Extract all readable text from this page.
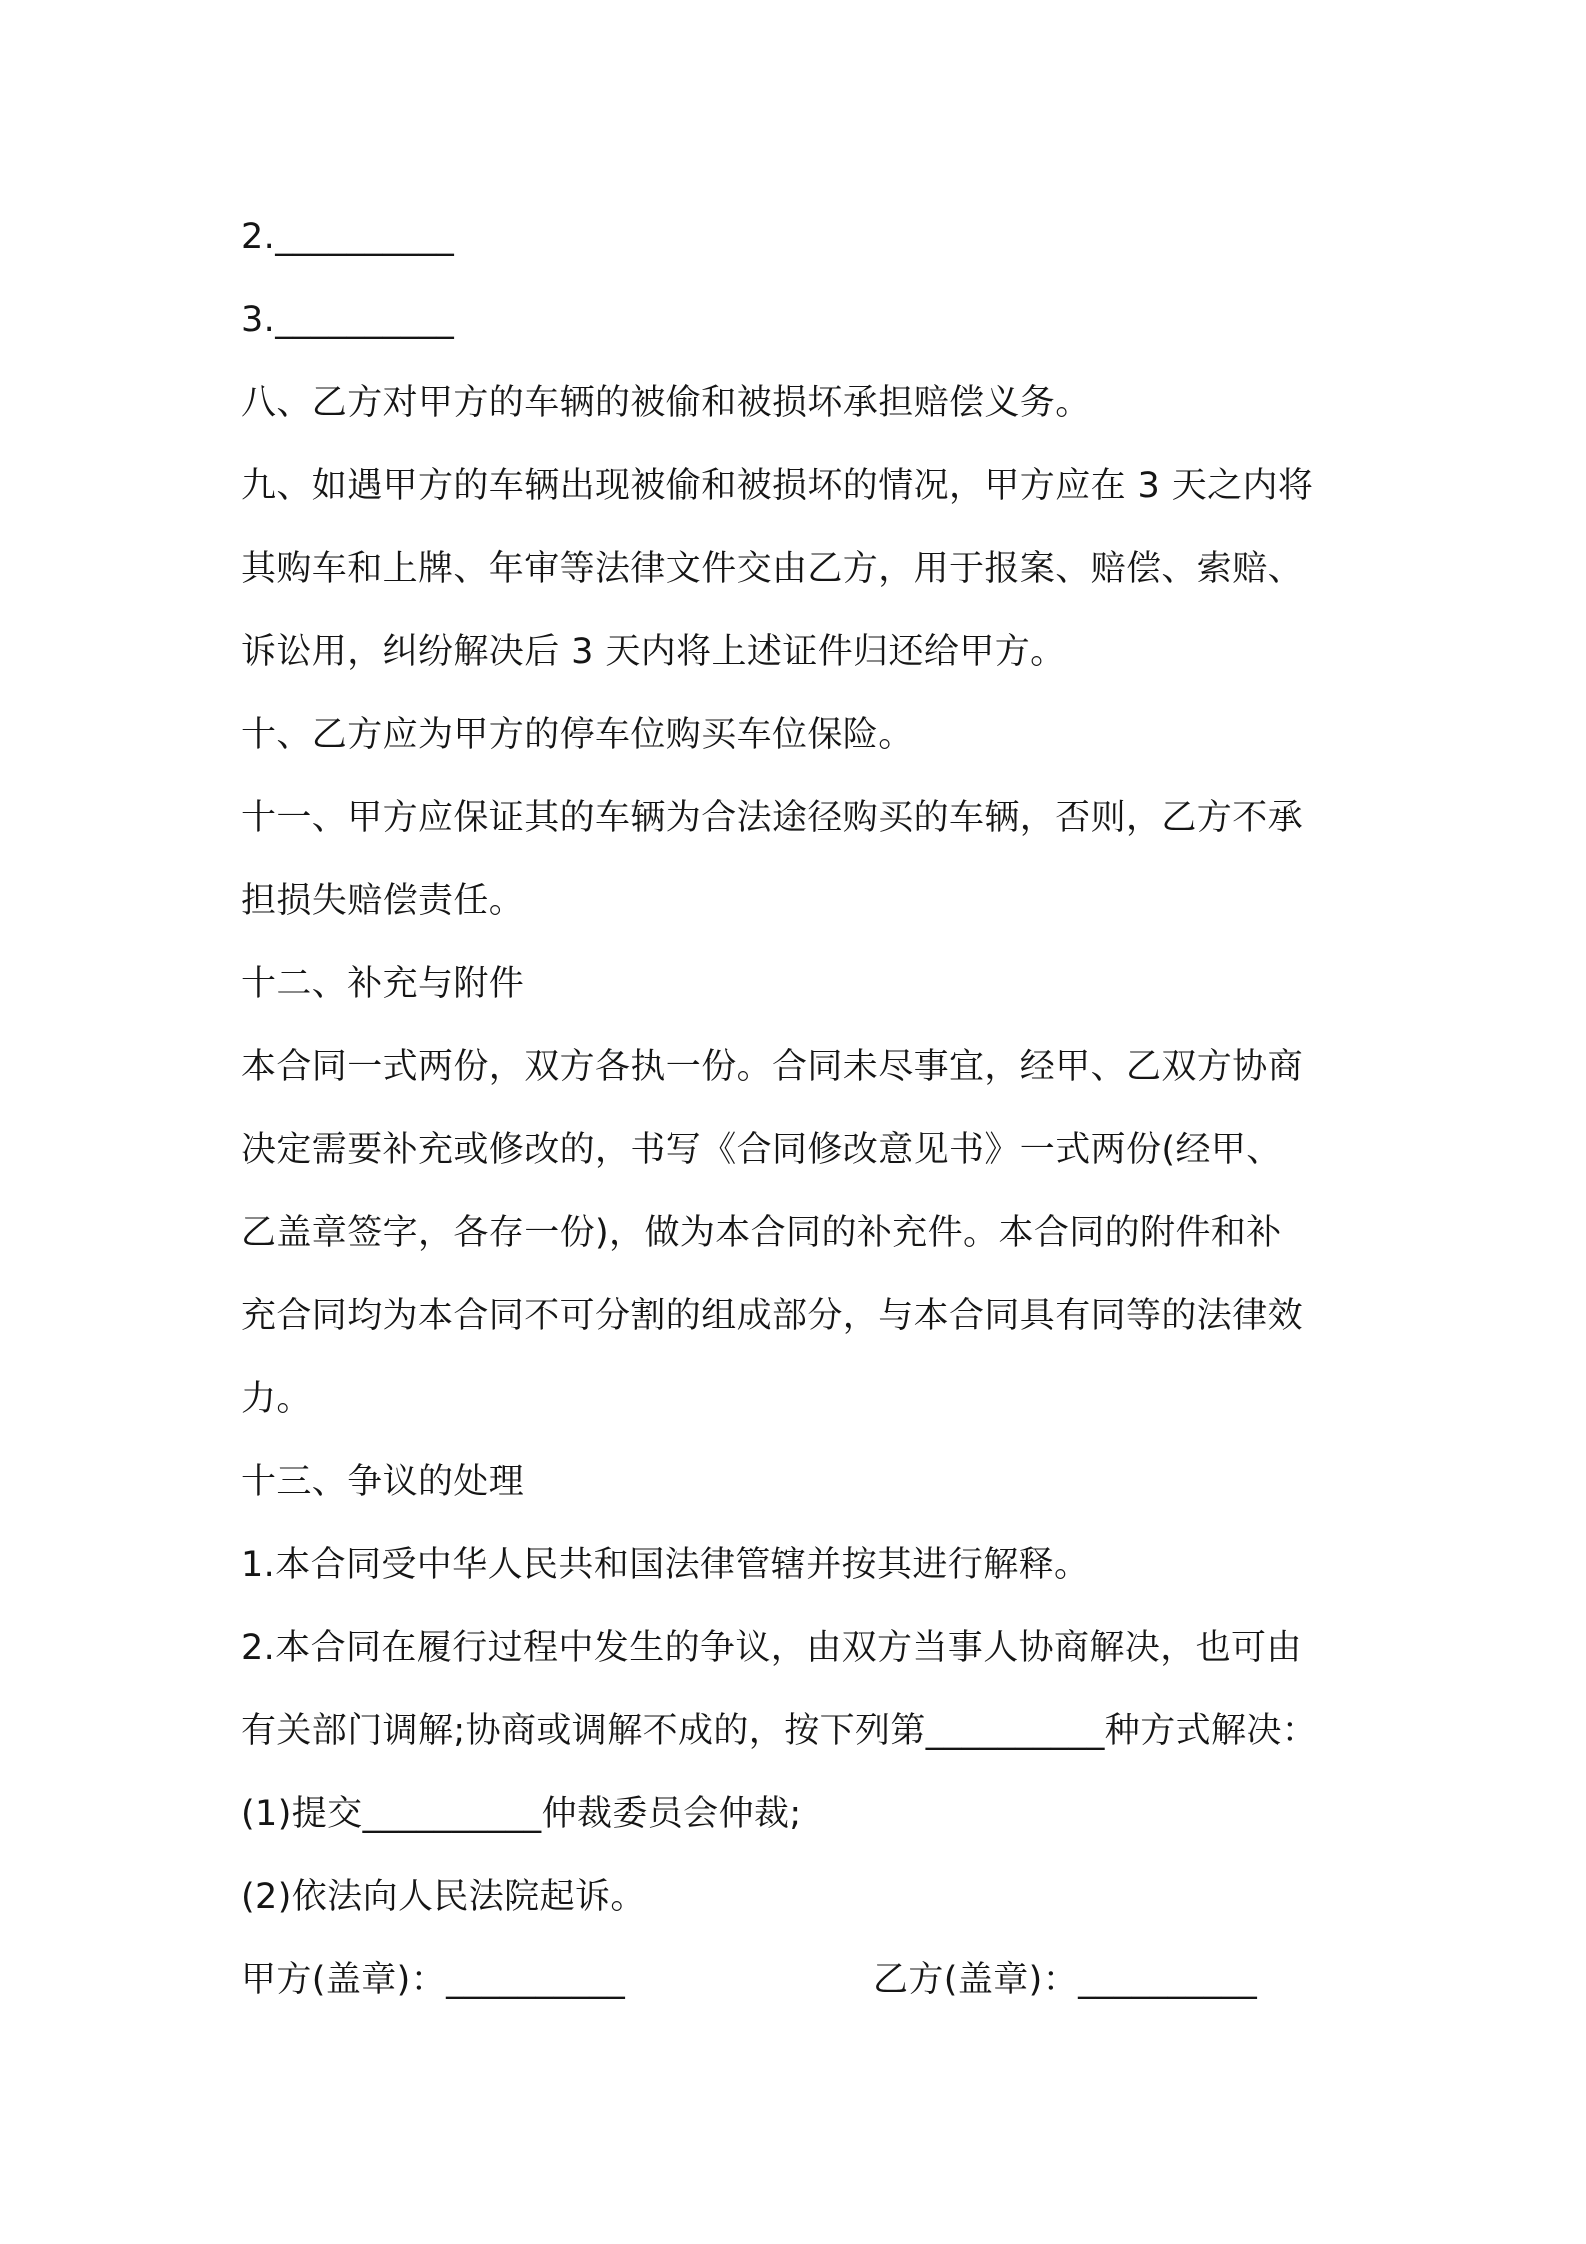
2.__________
3.__________
八、乙方对甲方的车辆的被偷和被损坏承担赔偿义务。
九、如遇甲方的车辆出现被偷和被损坏的情况，甲方应在 3 天之内将
其购车和上牌、年审等法律文件交由乙方，用于报案、赔偿、索赔、
诉讼用，纠纷解决后 3 天内将上述证件归还给甲方。
十、乙方应为甲方的停车位购买车位保险。
十一、甲方应保证其的车辆为合法途径购买的车辆，否则，乙方不承
担损失赔偿责任。
十二、补充与附件
本合同一式两份，双方各执一份。合同未尽事宜，经甲、乙双方协商
决定需要补充或修改的，书写《合同修改意见书》一式两份(经甲、
乙盖章签字，各存一份)，做为本合同的补充件。本合同的附件和补
充合同均为本合同不可分割的组成部分，与本合同具有同等的法律效
力。
十三、争议的处理
1.本合同受中华人民共和国法律管辖并按其进行解释。
2.本合同在履行过程中发生的争议，由双方当事人协商解决，也可由
有关部门调解;协商或调解不成的，按下列第__________种方式解决：
(1)提交__________仲裁委员会仲裁;
(2)依法向人民法院起诉。
甲方(盖章)：__________	乙方(盖章)：__________
